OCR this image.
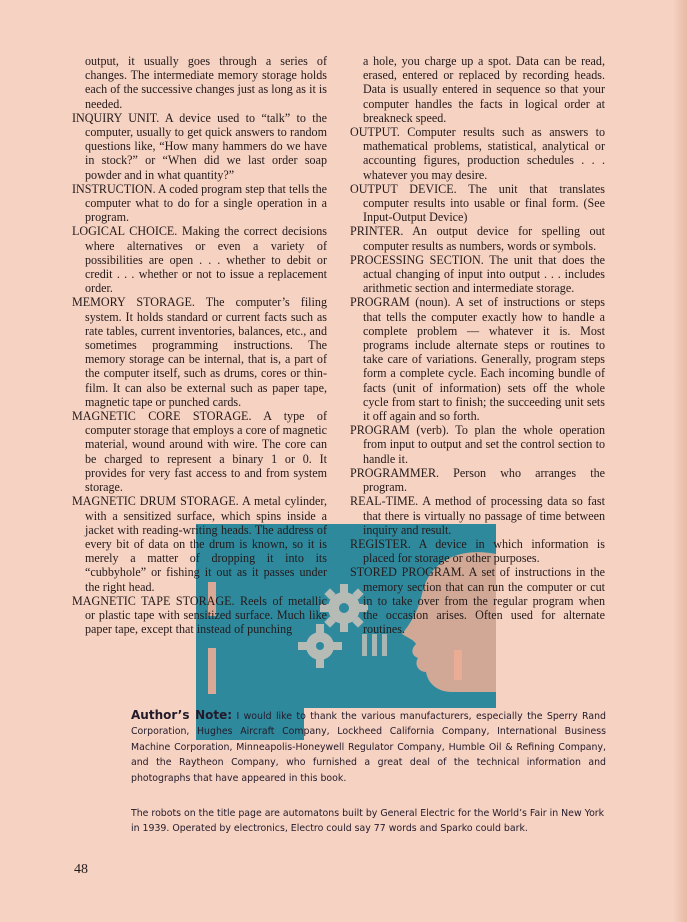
output, it usually goes through a series of changes. The intermediate memory storage holds each of the successive changes just as long as it is needed.

INQUIRY UNIT. A device used to “talk” to the computer, usually to get quick answers to random questions like, “How many hammers do we have in stock?” or “When did we last order soap powder and in what quantity?”

INSTRUCTION. A coded program step that tells the computer what to do for a single operation in a program.

LOGICAL CHOICE. Making the correct decisions where alternatives or even a variety of possibilities are open . . . whether to debit or credit . . . whether or not to issue a replacement order.

MEMORY STORAGE. The computer’s filing system. It holds standard or current facts such as rate tables, current inventories, balances, etc., and sometimes programming instructions. The memory storage can be internal, that is, a part of the computer itself, such as drums, cores or thin-film. It can also be external such as paper tape, magnetic tape or punched cards.

MAGNETIC CORE STORAGE. A type of computer storage that employs a core of magnetic material, wound around with wire. The core can be charged to represent a binary 1 or 0. It provides for very fast access to and from system storage.

MAGNETIC DRUM STORAGE. A metal cylinder, with a sensitized surface, which spins inside a jacket with reading-writing heads. The address of every bit of data on the drum is known, so it is merely a matter of dropping it into its “cubbyhole” or fishing it out as it passes under the right head.

MAGNETIC TAPE STORAGE. Reels of metallic or plastic tape with sensitized surface. Much like paper tape, except that instead of punching

a hole, you charge up a spot. Data can be read, erased, entered or replaced by recording heads. Data is usually entered in sequence so that your computer handles the facts in logical order at breakneck speed.

OUTPUT. Computer results such as answers to mathematical problems, statistical, analytical or accounting figures, production schedules . . . whatever you may desire.

OUTPUT DEVICE. The unit that translates computer results into usable or final form. (See Input-Output Device)

PRINTER. An output device for spelling out computer results as numbers, words or symbols.

PROCESSING SECTION. The unit that does the actual changing of input into output . . . includes arithmetic section and intermediate storage.

PROGRAM (noun). A set of instructions or steps that tells the computer exactly how to handle a complete problem — whatever it is. Most programs include alternate steps or routines to take care of variations. Generally, program steps form a complete cycle. Each incoming bundle of facts (unit of information) sets off the whole cycle from start to finish; the succeeding unit sets it off again and so forth.

PROGRAM (verb). To plan the whole operation from input to output and set the control section to handle it.

PROGRAMMER. Person who arranges the program.

REAL-TIME. A method of processing data so fast that there is virtually no passage of time between inquiry and result.

REGISTER. A device in which information is placed for storage or other purposes.

STORED PROGRAM. A set of instructions in the memory section that can run the computer or cut in to take over from the regular program when the occasion arises. Often used for alternate routines.

Author’s Note: I would like to thank the various manufacturers, especially the Sperry Rand Corporation, Hughes Aircraft Company, Lockheed California Company, International Business Machine Corporation, Minneapolis-Honeywell Regulator Company, Humble Oil & Refining Company, and the Raytheon Company, who furnished a great deal of the technical information and photographs that have appeared in this book.
The robots on the title page are automatons built by General Electric for the World’s Fair in New York in 1939. Operated by electronics, Electro could say 77 words and Sparko could bark.
48
